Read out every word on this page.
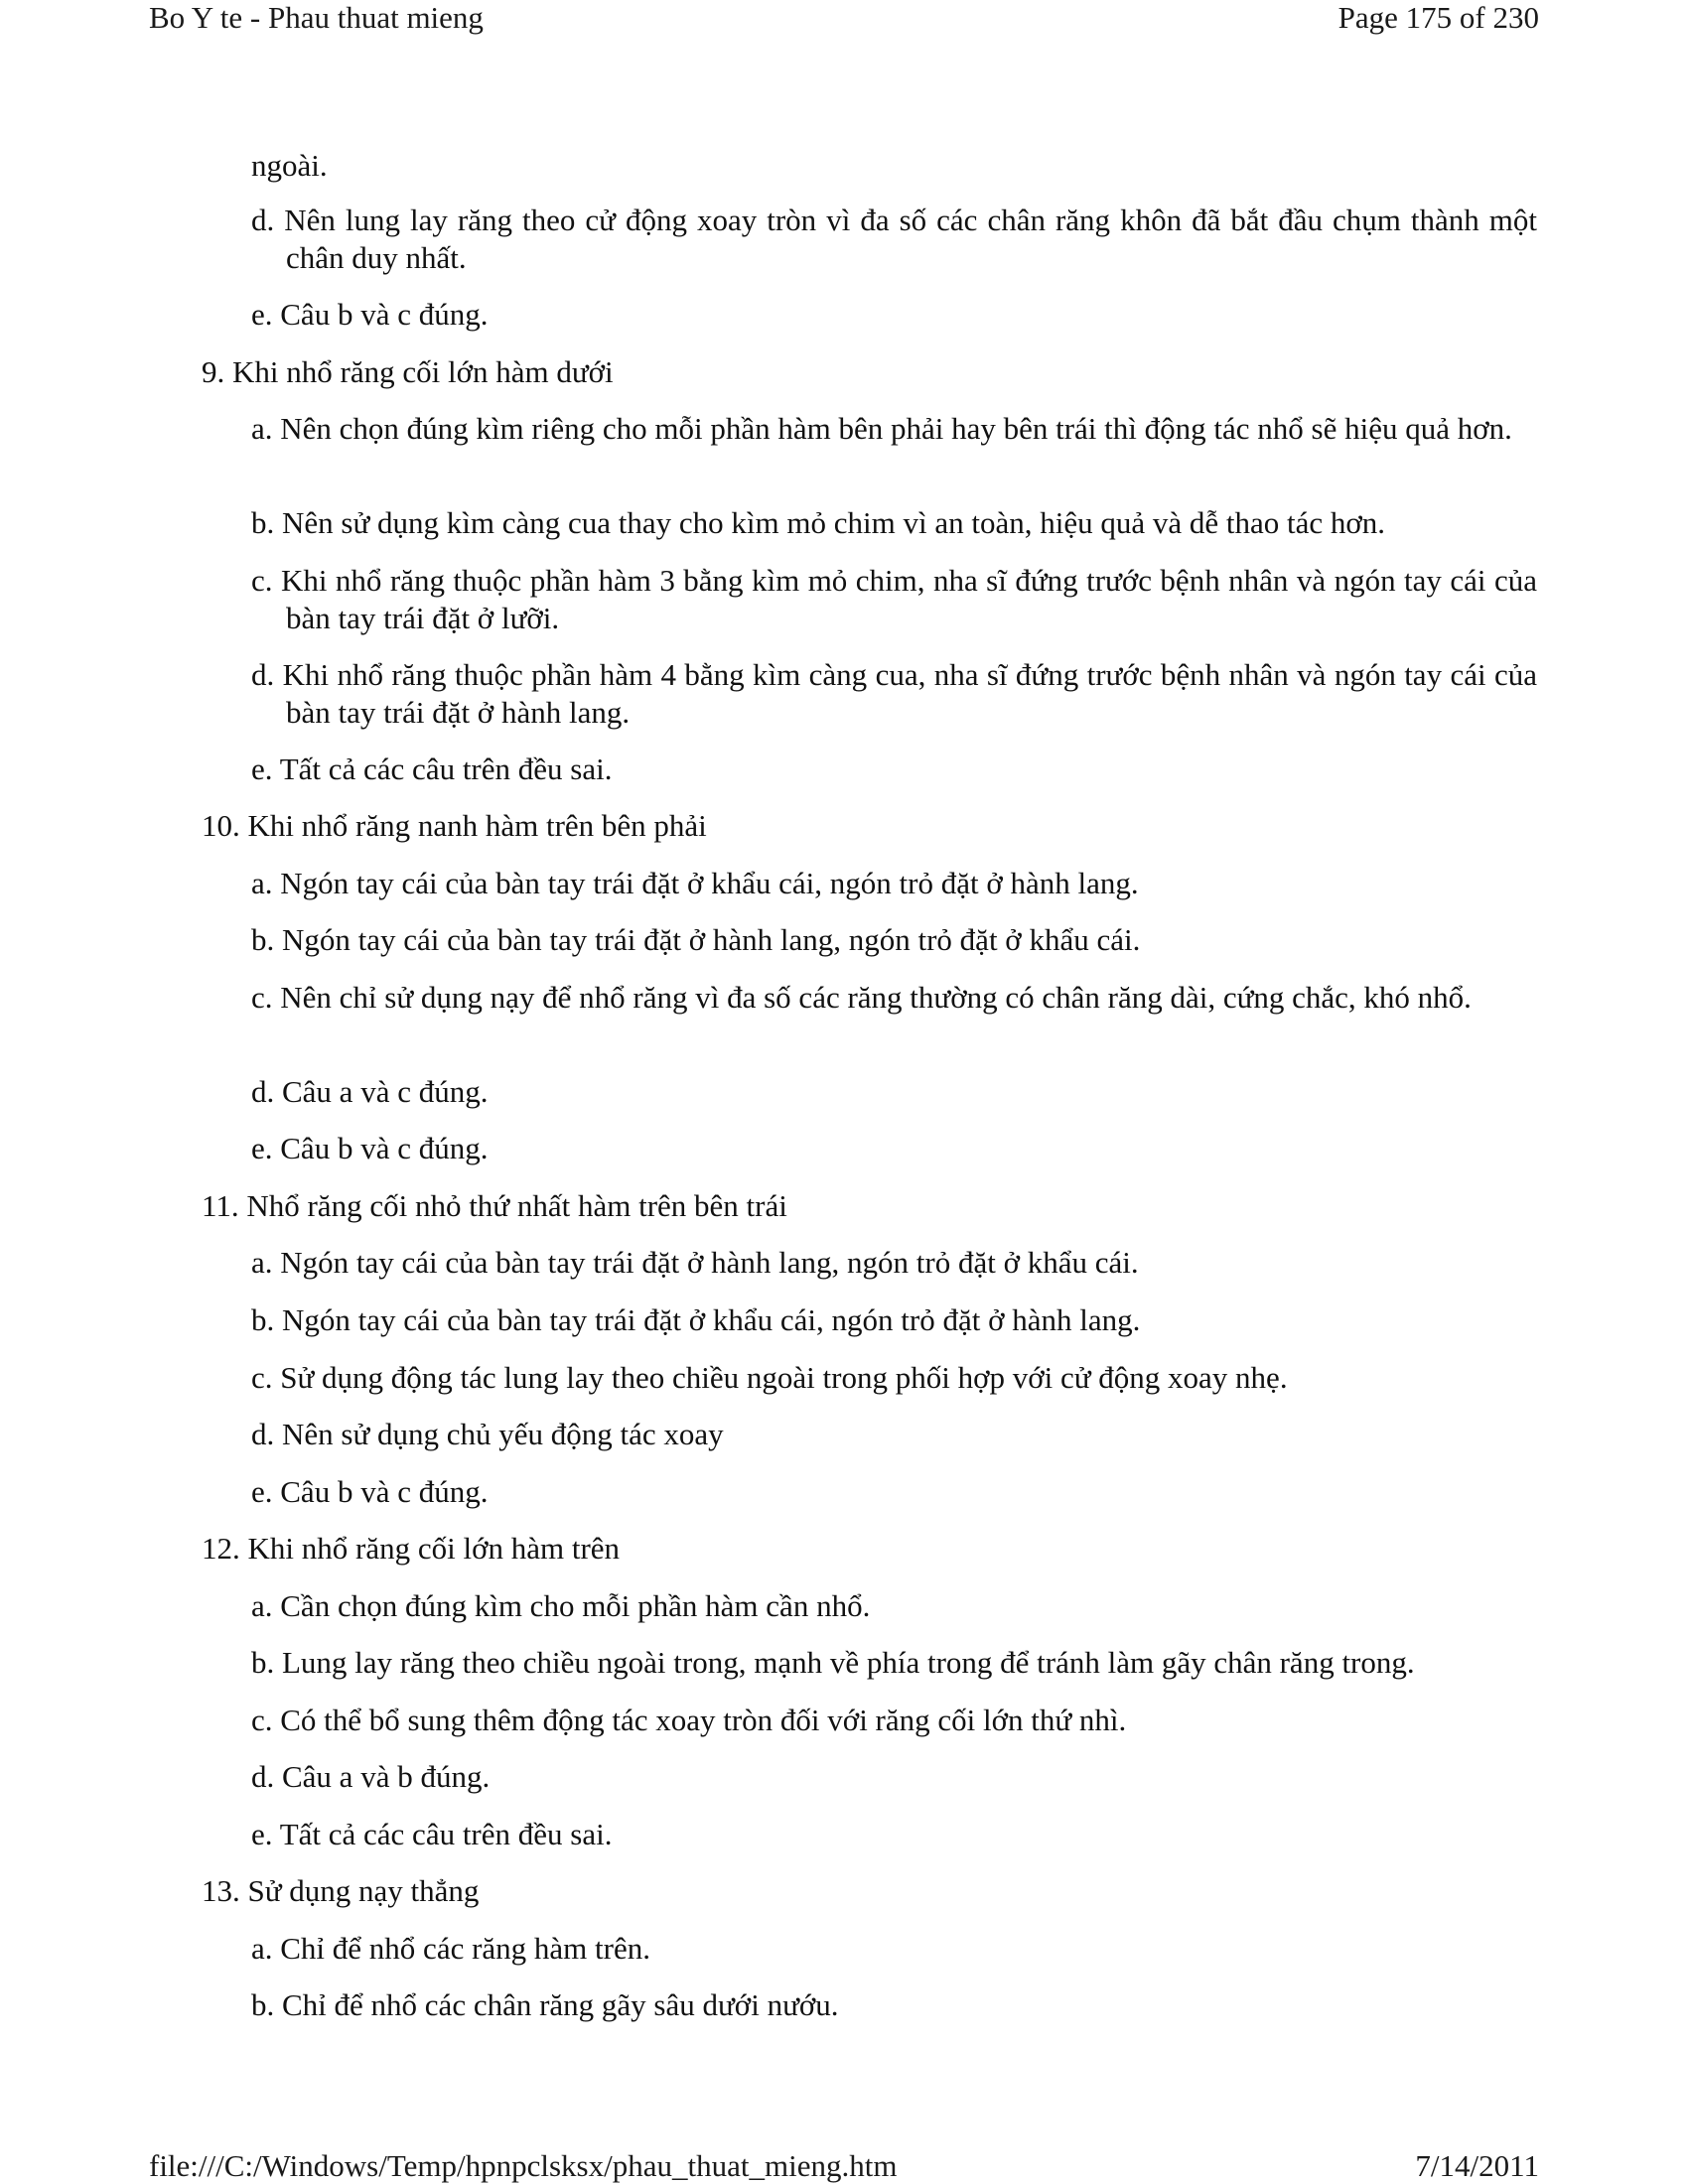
Bo Y te - Phau thuat mieng	Page 175 of 230
ngoài.
d. Nên lung lay răng theo cử động xoay tròn vì đa số các chân răng khôn đã bắt đầu chụm thành một chân duy nhất.
e. Câu b và c đúng.
9. Khi nhổ răng cối lớn hàm dưới
a. Nên chọn đúng kìm riêng cho mỗi phần hàm bên phải hay bên trái thì động tác nhổ sẽ hiệu quả hơn.
b. Nên sử dụng kìm càng cua thay cho kìm mỏ chim vì an toàn, hiệu quả và dễ thao tác hơn.
c. Khi nhổ răng thuộc phần hàm 3 bằng kìm mỏ chim, nha sĩ đứng trước bệnh nhân và ngón tay cái của bàn tay trái đặt ở lưỡi.
d. Khi nhổ răng thuộc phần hàm 4 bằng kìm càng cua, nha sĩ đứng trước bệnh nhân và ngón tay cái của bàn tay trái đặt ở hành lang.
e. Tất cả các câu trên đều sai.
10. Khi nhổ răng nanh hàm trên bên phải
a. Ngón tay cái của bàn tay trái đặt ở khẩu cái, ngón trỏ đặt ở hành lang.
b. Ngón tay cái của bàn tay trái đặt ở hành lang, ngón trỏ đặt ở khẩu cái.
c. Nên chỉ sử dụng nạy để nhổ răng vì đa số các răng thường có chân răng dài, cứng chắc, khó nhổ.
d. Câu a và c đúng.
e. Câu b và c đúng.
11. Nhổ răng cối nhỏ thứ nhất hàm trên bên trái
a. Ngón tay cái của bàn tay trái đặt ở hành lang, ngón trỏ đặt ở khẩu cái.
b. Ngón tay cái của bàn tay trái đặt ở khẩu cái, ngón trỏ đặt ở hành lang.
c. Sử dụng động tác lung lay theo chiều ngoài trong phối hợp với cử động xoay nhẹ.
d. Nên sử dụng chủ yếu động tác xoay
e. Câu b và c đúng.
12. Khi nhổ răng cối lớn hàm trên
a. Cần chọn đúng kìm cho mỗi phần hàm cần nhổ.
b. Lung lay răng theo chiều ngoài trong, mạnh về phía trong để tránh làm gãy chân răng trong.
c. Có thể bổ sung thêm động tác xoay tròn đối với răng cối lớn thứ nhì.
d. Câu a và b đúng.
e. Tất cả các câu trên đều sai.
13. Sử dụng nạy thẳng
a. Chỉ để nhổ các răng hàm trên.
b. Chỉ để nhổ các chân răng gãy sâu dưới nướu.
file:///C:/Windows/Temp/hpnpclsksx/phau_thuat_mieng.htm	7/14/2011
